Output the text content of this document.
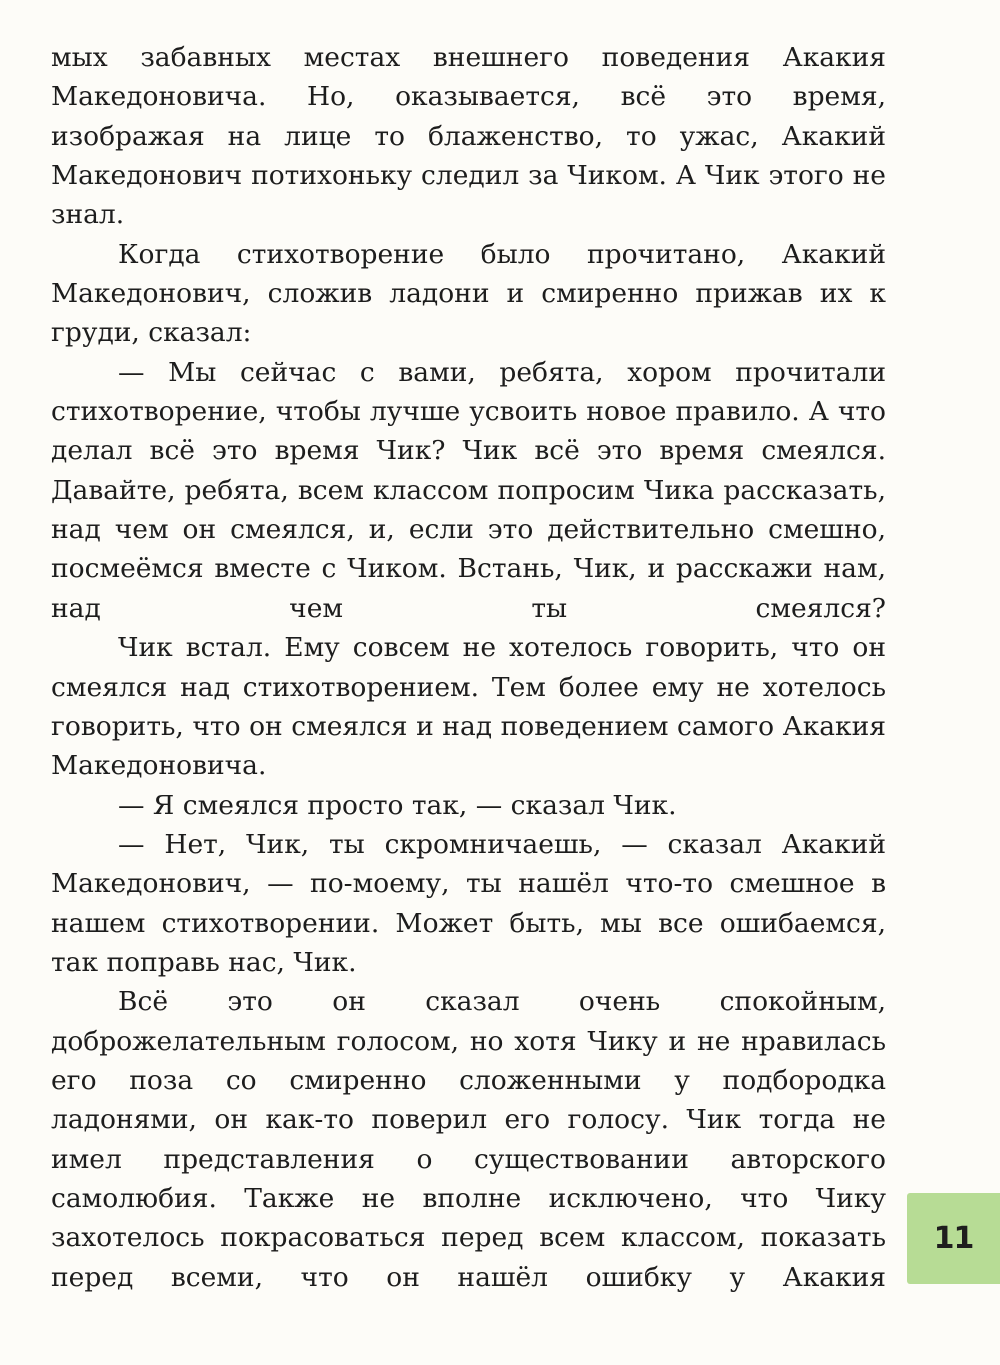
мых забавных местах внешнего поведения Акакия Македоновича. Но, оказывается, всё это время, изображая на лице то блаженство, то ужас, Акакий Македонович потихоньку следил за Чиком. А Чик этого не знал.

Когда стихотворение было прочитано, Акакий Македонович, сложив ладони и смиренно прижав их к груди, сказал:

— Мы сейчас с вами, ребята, хором прочитали стихотворение, чтобы лучше усвоить новое правило. А что делал всё это время Чик? Чик всё это время смеялся. Давайте, ребята, всем классом попросим Чика рассказать, над чем он смеялся, и, если это действительно смешно, посмеёмся вместе с Чиком. Встань, Чик, и расскажи нам, над чем ты смеялся?

Чик встал. Ему совсем не хотелось говорить, что он смеялся над стихотворением. Тем более ему не хотелось говорить, что он смеялся и над поведением самого Акакия Македоновича.

— Я смеялся просто так, — сказал Чик.

— Нет, Чик, ты скромничаешь, — сказал Акакий Македонович, — по-моему, ты нашёл что-то смешное в нашем стихотворении. Может быть, мы все ошибаемся, так поправь нас, Чик.

Всё это он сказал очень спокойным, доброжелательным голосом, но хотя Чику и не нравилась его поза со смиренно сложенными у подбородка ладонями, он как-то поверил его голосу. Чик тогда не имел представления о существовании авторского самолюбия. Также не вполне исключено, что Чику захотелось покрасоваться перед всем классом, показать перед всеми, что он нашёл ошибку у Акакия

11
